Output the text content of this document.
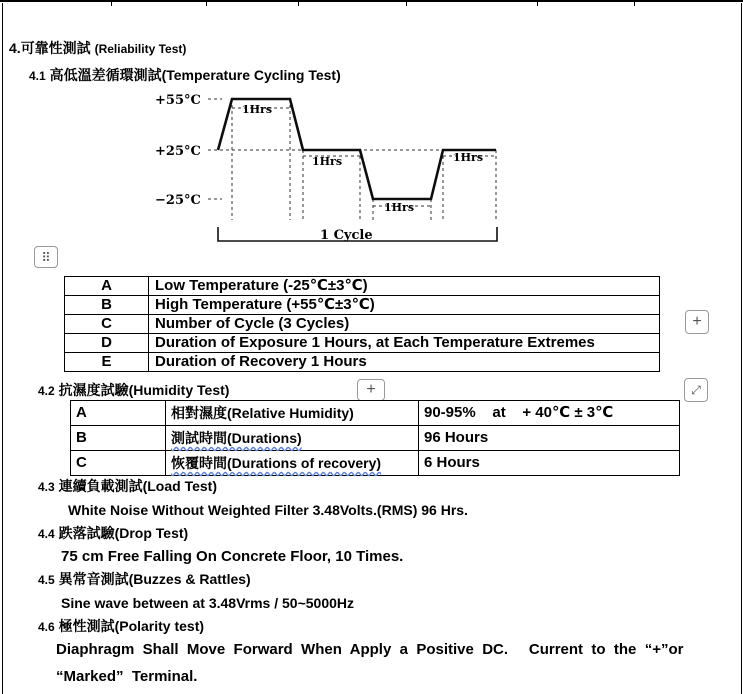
4.可靠性測試 (Reliability Test)
4.1 高低溫差循環測試(Temperature Cycling Test)
+55°C
+25°C
−25°C
1Hrs
1Hrs
1Hrs
1Hrs
1 Cycle
⠿
A	Low Temperature (-25℃±3℃)
B	High Temperature (+55℃±3℃)
C	Number of Cycle (3 Cycles)
D	Duration of Exposure 1 Hours, at Each Temperature Extremes
E	Duration of Recovery 1 Hours
+
4.2 抗濕度試驗(Humidity Test)	+	⤢
A	相對濕度(Relative Humidity)	90-95%    at    + 40℃ ± 3℃
B	測試時間(Durations)	96 Hours
C	恢覆時間(Durations of recovery)	6 Hours
4.3 連續負載測試(Load Test)
White Noise Without Weighted Filter 3.48Volts.(RMS) 96 Hrs.
4.4 跌落試驗(Drop Test)
75 cm Free Falling On Concrete Floor, 10 Times.
4.5 異常音測試(Buzzes & Rattles)
Sine wave between at 3.48Vrms / 50~5000Hz
4.6 極性測試(Polarity test)
Diaphragm  Shall  Move  Forward  When  Apply  a  Positive  DC.     Current  to  the  “+”or
“Marked”  Terminal.
